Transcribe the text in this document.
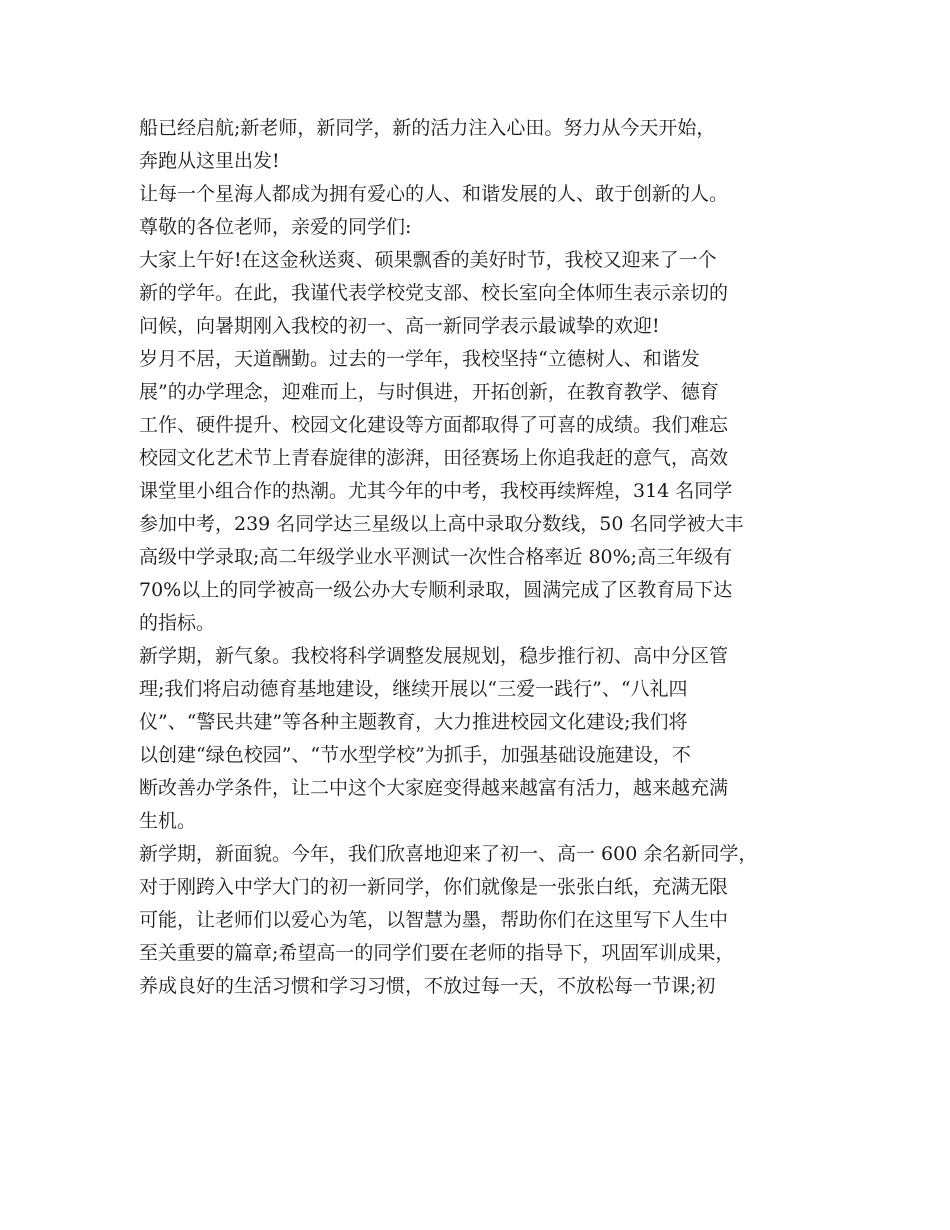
船已经启航;新老师，新同学，新的活力注入心田。努力从今天开始，
奔跑从这里出发!
让每一个星海人都成为拥有爱心的人、和谐发展的人、敢于创新的人。
尊敬的各位老师，亲爱的同学们:
大家上午好!在这金秋送爽、硕果飘香的美好时节，我校又迎来了一个
新的学年。在此，我谨代表学校党支部、校长室向全体师生表示亲切的
问候，向暑期刚入我校的初一、高一新同学表示最诚挚的欢迎!
岁月不居，天道酬勤。过去的一学年，我校坚持“立德树人、和谐发
展”的办学理念，迎难而上，与时俱进，开拓创新，在教育教学、德育
工作、硬件提升、校园文化建设等方面都取得了可喜的成绩。我们难忘
校园文化艺术节上青春旋律的澎湃，田径赛场上你追我赶的意气，高效
课堂里小组合作的热潮。尤其今年的中考，我校再续辉煌，314 名同学
参加中考，239 名同学达三星级以上高中录取分数线，50 名同学被大丰
高级中学录取;高二年级学业水平测试一次性合格率近 80%;高三年级有
70%以上的同学被高一级公办大专顺利录取，圆满完成了区教育局下达
的指标。
新学期，新气象。我校将科学调整发展规划，稳步推行初、高中分区管
理;我们将启动德育基地建设，继续开展以“三爱一践行”、“八礼四
仪”、“警民共建”等各种主题教育，大力推进校园文化建设;我们将
以创建“绿色校园”、“节水型学校”为抓手，加强基础设施建设，不
断改善办学条件，让二中这个大家庭变得越来越富有活力，越来越充满
生机。
新学期，新面貌。今年，我们欣喜地迎来了初一、高一 600 余名新同学，
对于刚跨入中学大门的初一新同学，你们就像是一张张白纸，充满无限
可能，让老师们以爱心为笔，以智慧为墨，帮助你们在这里写下人生中
至关重要的篇章;希望高一的同学们要在老师的指导下，巩固军训成果，
养成良好的生活习惯和学习习惯，不放过每一天，不放松每一节课;初
